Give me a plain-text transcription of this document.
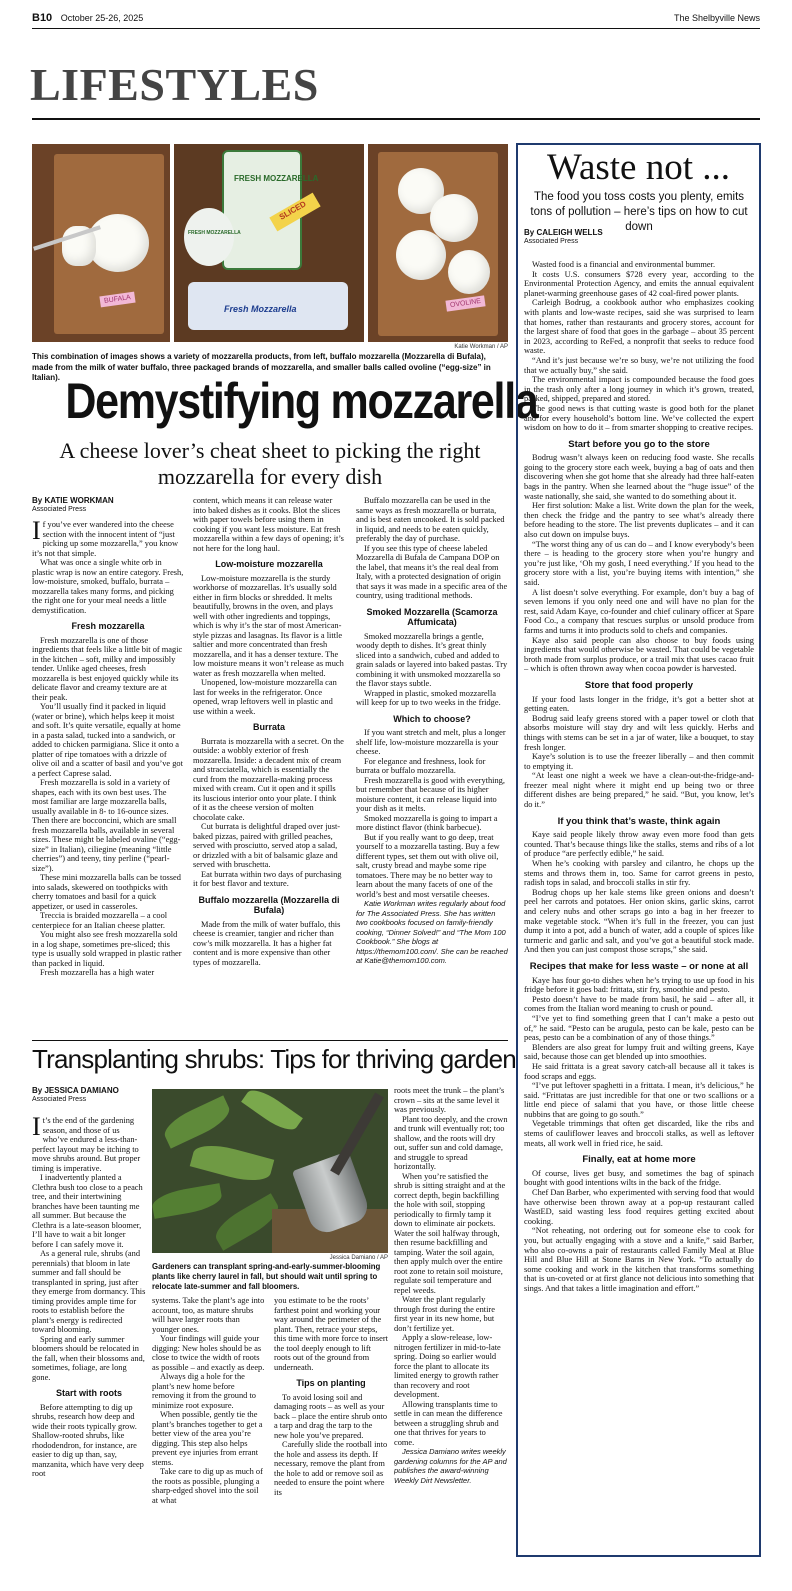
B10 October 25-26, 2025	The Shelbyville News
LIFESTYLES
BUFALA
FRESH MOZZARELLA
SLICED
FRESH MOZZARELLA
Fresh Mozzarella	OVOLINE
Katie Workman / AP
This combination of images shows a variety of mozzarella products, from left, buffalo mozzarella (Mozzarella di Bufala), made from the milk of water buffalo, three packaged brands of mozzarella, and smaller balls called ovoline (“egg-size” in Italian). Demystifying mozzarella
A cheese lover’s cheat sheet to picking the right mozzarella for every dish
By KATIE WORKMAN
Associated Press

If you’ve ever wandered into the cheese section with the innocent intent of “just picking up some mozzarella,” you know it’s not that simple.

What was once a single white orb in plastic wrap is now an entire category. Fresh, low-moisture, smoked, buffalo, burrata – mozzarella takes many forms, and picking the right one for your meal needs a little demystification.

Fresh mozzarella

Fresh mozzarella is one of those ingredients that feels like a little bit of magic in the kitchen – soft, milky and impossibly tender. Unlike aged cheeses, fresh mozzarella is best enjoyed quickly while its delicate flavor and creamy texture are at their peak.

You’ll usually find it packed in liquid (water or brine), which helps keep it moist and soft. It’s quite versatile, equally at home in a pasta salad, tucked into a sandwich, or added to chicken parmigiana. Slice it onto a platter of ripe tomatoes with a drizzle of olive oil and a scatter of basil and you’ve got a perfect Caprese salad.

Fresh mozzarella is sold in a variety of shapes, each with its own best uses. The most familiar are large mozzarella balls, usually available in 8- to 16-ounce sizes. Then there are bocconcini, which are small fresh mozzarella balls, available in several sizes. These might be labeled ovaline (“egg-size” in Italian), ciliegine (meaning “little cherries”) and teeny, tiny perline (“pearl-size”).

These mini mozzarella balls can be tossed into salads, skewered on toothpicks with cherry tomatoes and basil for a quick appetizer, or used in casseroles.

Treccia is braided mozzarella – a cool centerpiece for an Italian cheese platter.

You might also see fresh mozzarella sold in a log shape, sometimes pre-sliced; this type is usually sold wrapped in plastic rather than packed in liquid.

Fresh mozzarella has a high water

content, which means it can release water into baked dishes as it cooks. Blot the slices with paper towels before using them in cooking if you want less moisture. Eat fresh mozzarella within a few days of opening; it’s not here for the long haul.

Low-moisture mozzarella

Low-moisture mozzarella is the sturdy workhorse of mozzarellas. It’s usually sold either in firm blocks or shredded. It melts beautifully, browns in the oven, and plays well with other ingredients and toppings, which is why it’s the star of most American-style pizzas and lasagnas. Its flavor is a little saltier and more concentrated than fresh mozzarella, and it has a denser texture. The low moisture means it won’t release as much water as fresh mozzarella when melted.

Unopened, low-moisture mozzarella can last for weeks in the refrigerator. Once opened, wrap leftovers well in plastic and use within a week.

Burrata

Burrata is mozzarella with a secret. On the outside: a wobbly exterior of fresh mozzarella. Inside: a decadent mix of cream and stracciatella, which is essentially the curd from the mozzarella-making process mixed with cream. Cut it open and it spills its luscious interior onto your plate. I think of it as the cheese version of molten chocolate cake.

Cut burrata is delightful draped over just-baked pizzas, paired with grilled peaches, served with prosciutto, served atop a salad, or drizzled with a bit of balsamic glaze and served with bruschetta.

Eat burrata within two days of purchasing it for best flavor and texture.

Buffalo mozzarella (Mozzarella di Bufala)

Made from the milk of water buffalo, this cheese is creamier, tangier and richer than cow’s milk mozzarella. It has a higher fat content and is more expensive than other types of mozzarella.

Buffalo mozzarella can be used in the same ways as fresh mozzarella or burrata, and is best eaten uncooked. It is sold packed in liquid, and needs to be eaten quickly, preferably the day of purchase.

If you see this type of cheese labeled Mozzarella di Bufala de Campana DOP on the label, that means it’s the real deal from Italy, with a protected designation of origin that says it was made in a specific area of the country, using traditional methods.

Smoked Mozzarella (Scamorza Affumicata)

Smoked mozzarella brings a gentle, woody depth to dishes. It’s great thinly sliced into a sandwich, cubed and added to grain salads or layered into baked pastas. Try combining it with unsmoked mozzarella so the flavor stays subtle.

Wrapped in plastic, smoked mozzarella will keep for up to two weeks in the fridge.

Which to choose?

If you want stretch and melt, plus a longer shelf life, low-moisture mozzarella is your cheese.

For elegance and freshness, look for burrata or buffalo mozzarella.

Fresh mozzarella is good with everything, but remember that because of its higher moisture content, it can release liquid into your dish as it melts.

Smoked mozzarella is going to impart a more distinct flavor (think barbecue).

But if you really want to go deep, treat yourself to a mozzarella tasting. Buy a few different types, set them out with olive oil, salt, crusty bread and maybe some ripe tomatoes. There may be no better way to learn about the many facets of one of the world’s best and most versatile cheeses.

Katie Workman writes regularly about food for The Associated Press. She has written two cookbooks focused on family-friendly cooking, “Dinner Solved!” and “The Mom 100 Cookbook.” She blogs at https://themom100.com/. She can be reached at Katie@themom100.com.

Waste not ...
The food you toss costs you plenty, emits tons of pollution – here’s tips on how to cut down
By CALEIGH WELLS
Associated Press

Wasted food is a financial and environmental bummer.

It costs U.S. consumers $728 every year, according to the Environmental Protection Agency, and emits the annual equivalent planet-warming greenhouse gases of 42 coal-fired power plants.

Carleigh Bodrug, a cookbook author who emphasizes cooking with plants and low-waste recipes, said she was surprised to learn that homes, rather than restaurants and grocery stores, account for the largest share of food that goes in the garbage – about 35 percent in 2023, according to ReFed, a nonprofit that seeks to reduce food waste.

“And it’s just because we’re so busy, we’re not utilizing the food that we actually buy,” she said.

The environmental impact is compounded because the food goes in the trash only after a long journey in which it’s grown, treated, packed, shipped, prepared and stored.

The good news is that cutting waste is good both for the planet and for every household’s bottom line. We’ve collected the expert wisdom on how to do it – from smarter shopping to creative recipes.

Start before you go to the store

Bodrug wasn’t always keen on reducing food waste. She recalls going to the grocery store each week, buying a bag of oats and then discovering when she got home that she already had three half-eaten bags in the pantry. When she learned about the “huge issue” of the waste nationally, she said, she wanted to do something about it.

Her first solution: Make a list. Write down the plan for the week, then check the fridge and the pantry to see what’s already there before heading to the store. The list prevents duplicates – and it can also cut down on impulse buys.

“The worst thing any of us can do – and I know everybody’s been there – is heading to the grocery store when you’re hungry and you’re just like, ‘Oh my gosh, I need everything.’ If you head to the grocery store with a list, you’re buying items with intention,” she said.

A list doesn’t solve everything. For example, don’t buy a bag of seven lemons if you only need one and will have no plan for the rest, said Adam Kaye, co-founder and chief culinary officer at Spare Food Co., a company that rescues surplus or unsold produce from farms and turns it into products sold to chefs and companies.

Kaye also said people can also choose to buy foods using ingredients that would otherwise be wasted. That could be vegetable broth made from surplus produce, or a trail mix that uses cacao fruit – which is often thrown away when cocoa powder is harvested.

Store that food properly

If your food lasts longer in the fridge, it’s got a better shot at getting eaten.

Bodrug said leafy greens stored with a paper towel or cloth that absorbs moisture will stay dry and wilt less quickly. Herbs and things with stems can be set in a jar of water, like a bouquet, to stay fresh longer.

Kaye’s solution is to use the freezer liberally – and then commit to emptying it.

“At least one night a week we have a clean-out-the-fridge-and-freezer meal night where it might end up being two or three different dishes are being prepared,” he said. “But, you know, let’s do it.”

If you think that’s waste, think again

Kaye said people likely throw away even more food than gets counted. That’s because things like the stalks, stems and ribs of a lot of produce “are perfectly edible,” he said.

When he’s cooking with parsley and cilantro, he chops up the stems and throws them in, too. Same for carrot greens in pesto, radish tops in salad, and broccoli stalks in stir fry.

Bodrug chops up her kale stems like green onions and doesn’t peel her carrots and potatoes. Her onion skins, garlic skins, carrot and celery nubs and other scraps go into a bag in her freezer to make vegetable stock. “When it’s full in the freezer, you can just dump it into a pot, add a bunch of water, add a couple of spices like turmeric and garlic and salt, and you’ve got a beautiful stock made. And then you can just compost those scraps,” she said.

Recipes that make for less waste – or none at all

Kaye has four go-to dishes when he’s trying to use up food in his fridge before it goes bad: frittata, stir fry, smoothie and pesto.

Pesto doesn’t have to be made from basil, he said – after all, it comes from the Italian word meaning to crush or pound.

“I’ve yet to find something green that I can’t make a pesto out of,” he said. “Pesto can be arugula, pesto can be kale, pesto can be peas, pesto can be a combination of any of those things.”

Blenders are also great for lumpy fruit and wilting greens, Kaye said, because those can get blended up into smoothies.

He said frittata is a great savory catch-all because all it takes is food scraps and eggs.

“I’ve put leftover spaghetti in a frittata. I mean, it’s delicious,” he said. “Frittatas are just incredible for that one or two scallions or a little end piece of salami that you have, or those little cheese nubbins that are going to go south.”

Vegetable trimmings that often get discarded, like the ribs and stems of cauliflower leaves and broccoli stalks, as well as leftover meats, all work well in fried rice, he said.

Finally, eat at home more

Of course, lives get busy, and sometimes the bag of spinach bought with good intentions wilts in the back of the fridge.

Chef Dan Barber, who experimented with serving food that would have otherwise been thrown away at a pop-up restaurant called WastED, said wasting less food requires getting excited about cooking.

“Not reheating, not ordering out for someone else to cook for you, but actually engaging with a stove and a knife,” said Barber, who also co-owns a pair of restaurants called Family Meal at Blue Hill and Blue Hill at Stone Barns in New York. “To actually do some cooking and work in the kitchen that transforms something that is un-coveted or at first glance not delicious into something that sings. And that takes a little imagination and effort.”

Transplanting shrubs: Tips for thriving garden
By JESSICA DAMIANO
Associated Press
Jessica Damiano / AP
Gardeners can transplant spring-and-early-summer-blooming plants like cherry laurel in fall, but should wait until spring to relocate late-summer and fall bloomers.

It’s the end of the gardening season, and those of us who’ve endured a less-than-perfect layout may be itching to move shrubs around. But proper timing is imperative.

I inadvertently planted a Clethra bush too close to a peach tree, and their intertwining branches have been taunting me all summer. But because the Clethra is a late-season bloomer, I’ll have to wait a bit longer before I can safely move it.

As a general rule, shrubs (and perennials) that bloom in late summer and fall should be transplanted in spring, just after they emerge from dormancy. This timing provides ample time for roots to establish before the plant’s energy is redirected toward blooming.

Spring and early summer bloomers should be relocated in the fall, when their blossoms and, sometimes, foliage, are long gone.

Start with roots

Before attempting to dig up shrubs, research how deep and wide their roots typically grow. Shallow-rooted shrubs, like rhododendron, for instance, are easier to dig up than, say, manzanita, which have very deep root

systems. Take the plant’s age into account, too, as mature shrubs will have larger roots than younger ones.

Your findings will guide your digging: New holes should be as close to twice the width of roots as possible – and exactly as deep.

Always dig a hole for the plant’s new home before removing it from the ground to minimize root exposure.

When possible, gently tie the plant’s branches together to get a better view of the area you’re digging. This step also helps prevent eye injuries from errant stems.

Take care to dig up as much of the roots as possible, plunging a sharp-edged shovel into the soil at what

you estimate to be the roots’ farthest point and working your way around the perimeter of the plant. Then, retrace your steps, this time with more force to insert the tool deeply enough to lift roots out of the ground from underneath.

Tips on planting

To avoid losing soil and damaging roots – as well as your back – place the entire shrub onto a tarp and drag the tarp to the new hole you’ve prepared.

Carefully slide the rootball into the hole and assess its depth. If necessary, remove the plant from the hole to add or remove soil as needed to ensure the point where its

roots meet the trunk – the plant’s crown – sits at the same level it was previously.

Plant too deeply, and the crown and trunk will eventually rot; too shallow, and the roots will dry out, suffer sun and cold damage, and struggle to spread horizontally.

When you’re satisfied the shrub is sitting straight and at the correct depth, begin backfilling the hole with soil, stopping periodically to firmly tamp it down to eliminate air pockets. Water the soil halfway through, then resume backfilling and tamping. Water the soil again, then apply mulch over the entire root zone to retain soil moisture, regulate soil temperature and repel weeds.

Water the plant regularly through frost during the entire first year in its new home, but don’t fertilize yet.

Apply a slow-release, low-nitrogen fertilizer in mid-to-late spring. Doing so earlier would force the plant to allocate its limited energy to growth rather than recovery and root development.

Allowing transplants time to settle in can mean the difference between a struggling shrub and one that thrives for years to come.

Jessica Damiano writes weekly gardening columns for the AP and publishes the award-winning Weekly Dirt Newsletter.
